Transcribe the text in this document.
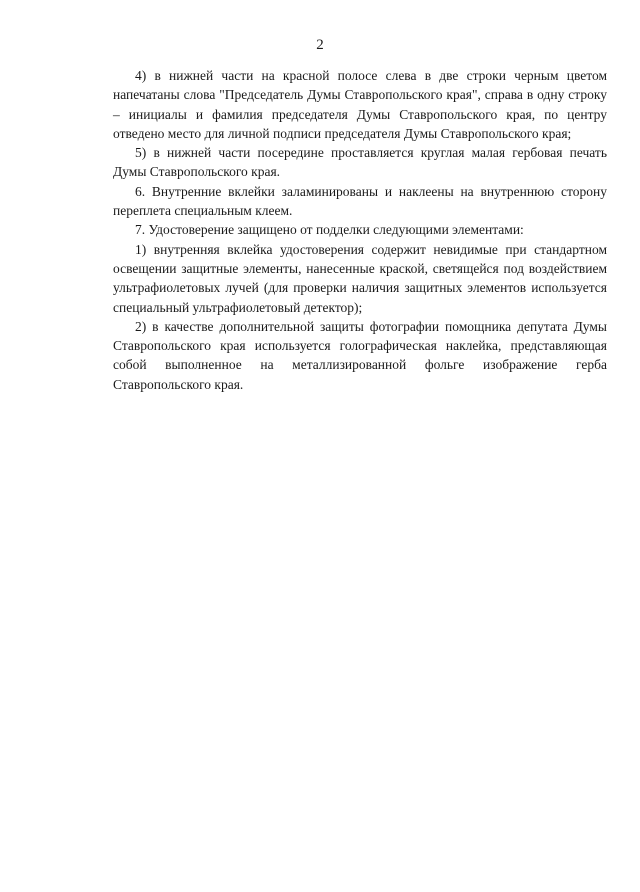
2

4) в нижней части на красной полосе слева в две строки черным цветом напечатаны слова "Председатель Думы Ставропольского края", справа в одну строку – инициалы и фамилия председателя Думы Ставропольского края, по центру отведено место для личной подписи председателя Думы Ставропольского края;

5) в нижней части посередине проставляется круглая малая гербовая печать Думы Ставропольского края.

6. Внутренние вклейки заламинированы и наклеены на внутреннюю сторону переплета специальным клеем.

7. Удостоверение защищено от подделки следующими элементами:

1) внутренняя вклейка удостоверения содержит невидимые при стандартном освещении защитные элементы, нанесенные краской, светящейся под воздействием ультрафиолетовых лучей (для проверки наличия защитных элементов используется специальный ультрафиолетовый детектор);

2) в качестве дополнительной защиты фотографии помощника депутата Думы Ставропольского края используется голографическая наклейка, представляющая собой выполненное на металлизированной фольге изображение герба Ставропольского края.
